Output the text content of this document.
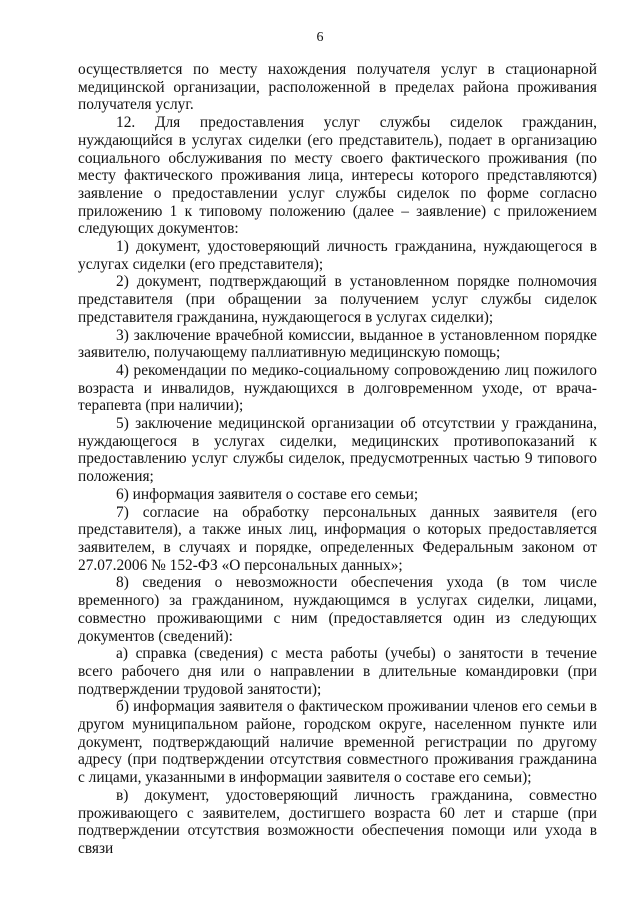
6

осуществляется по месту нахождения получателя услуг в стационарной медицинской организации, расположенной в пределах района проживания получателя услуг.

12. Для предоставления услуг службы сиделок гражданин, нуждающийся в услугах сиделки (его представитель), подает в организацию социального обслуживания по месту своего фактического проживания (по месту фактического проживания лица, интересы которого представляются) заявление о предоставлении услуг службы сиделок по форме согласно приложению 1 к типовому положению (далее – заявление) с приложением следующих документов:

1) документ, удостоверяющий личность гражданина, нуждающегося в услугах сиделки (его представителя);

2) документ, подтверждающий в установленном порядке полномочия представителя (при обращении за получением услуг службы сиделок представителя гражданина, нуждающегося в услугах сиделки);

3) заключение врачебной комиссии, выданное в установленном порядке заявителю, получающему паллиативную медицинскую помощь;

4) рекомендации по медико-социальному сопровождению лиц пожилого возраста и инвалидов, нуждающихся в долговременном уходе, от врача-терапевта (при наличии);

5) заключение медицинской организации об отсутствии у гражданина, нуждающегося в услугах сиделки, медицинских противопоказаний к предоставлению услуг службы сиделок, предусмотренных частью 9 типового положения;

6) информация заявителя о составе его семьи;

7) согласие на обработку персональных данных заявителя (его представителя), а также иных лиц, информация о которых предоставляется заявителем, в случаях и порядке, определенных Федеральным законом от 27.07.2006 № 152-ФЗ «О персональных данных»;

8) сведения о невозможности обеспечения ухода (в том числе временного) за гражданином, нуждающимся в услугах сиделки, лицами, совместно проживающими с ним (предоставляется один из следующих документов (сведений):

а) справка (сведения) с места работы (учебы) о занятости в течение всего рабочего дня или о направлении в длительные командировки (при подтверждении трудовой занятости);

б) информация заявителя о фактическом проживании членов его семьи в другом муниципальном районе, городском округе, населенном пункте или документ, подтверждающий наличие временной регистрации по другому адресу (при подтверждении отсутствия совместного проживания гражданина с лицами, указанными в информации заявителя о составе его семьи);

в) документ, удостоверяющий личность гражданина, совместно проживающего с заявителем, достигшего возраста 60 лет и старше (при подтверждении отсутствия возможности обеспечения помощи или ухода в связи
